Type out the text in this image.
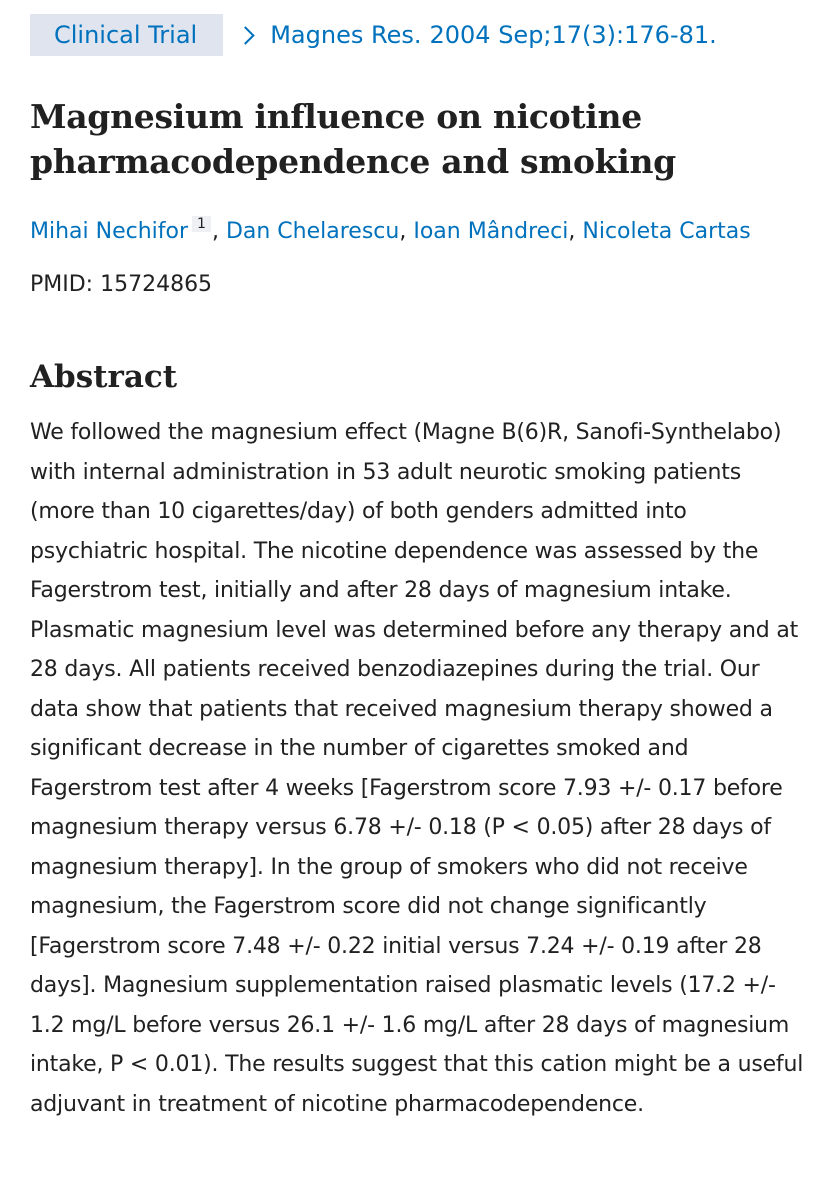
Clinical Trial	Magnes Res. 2004 Sep;17(3):176-81.
Magnesium influence on nicotine pharmacodependence and smoking
Mihai Nechifor $^1$ , Dan Chelarescu, Ioan Mândreci, Nicoleta Cartas
PMID: 15724865
Abstract
We followed the magnesium effect (Magne B(6)R, Sanofi-Synthelabo) with internal administration in 53 adult neurotic smoking patients (more than 10 cigarettes/day) of both genders admitted into psychiatric hospital. The nicotine dependence was assessed by the Fagerstrom test, initially and after 28 days of magnesium intake. Plasmatic magnesium level was determined before any therapy and at 28 days. All patients received benzodiazepines during the trial. Our data show that patients that received magnesium therapy showed a significant decrease in the number of cigarettes smoked and Fagerstrom test after 4 weeks [Fagerstrom score 7.93 +/- 0.17 before magnesium therapy versus 6.78 +/- 0.18 (P < 0.05) after 28 days of magnesium therapy]. In the group of smokers who did not receive magnesium, the Fagerstrom score did not change significantly [Fagerstrom score 7.48 +/- 0.22 initial versus 7.24 +/- 0.19 after 28 days]. Magnesium supplementation raised plasmatic levels (17.2 +/- 1.2 mg/L before versus 26.1 +/- 1.6 mg/L after 28 days of magnesium intake, P < 0.01). The results suggest that this cation might be a useful adjuvant in treatment of nicotine pharmacodependence.
